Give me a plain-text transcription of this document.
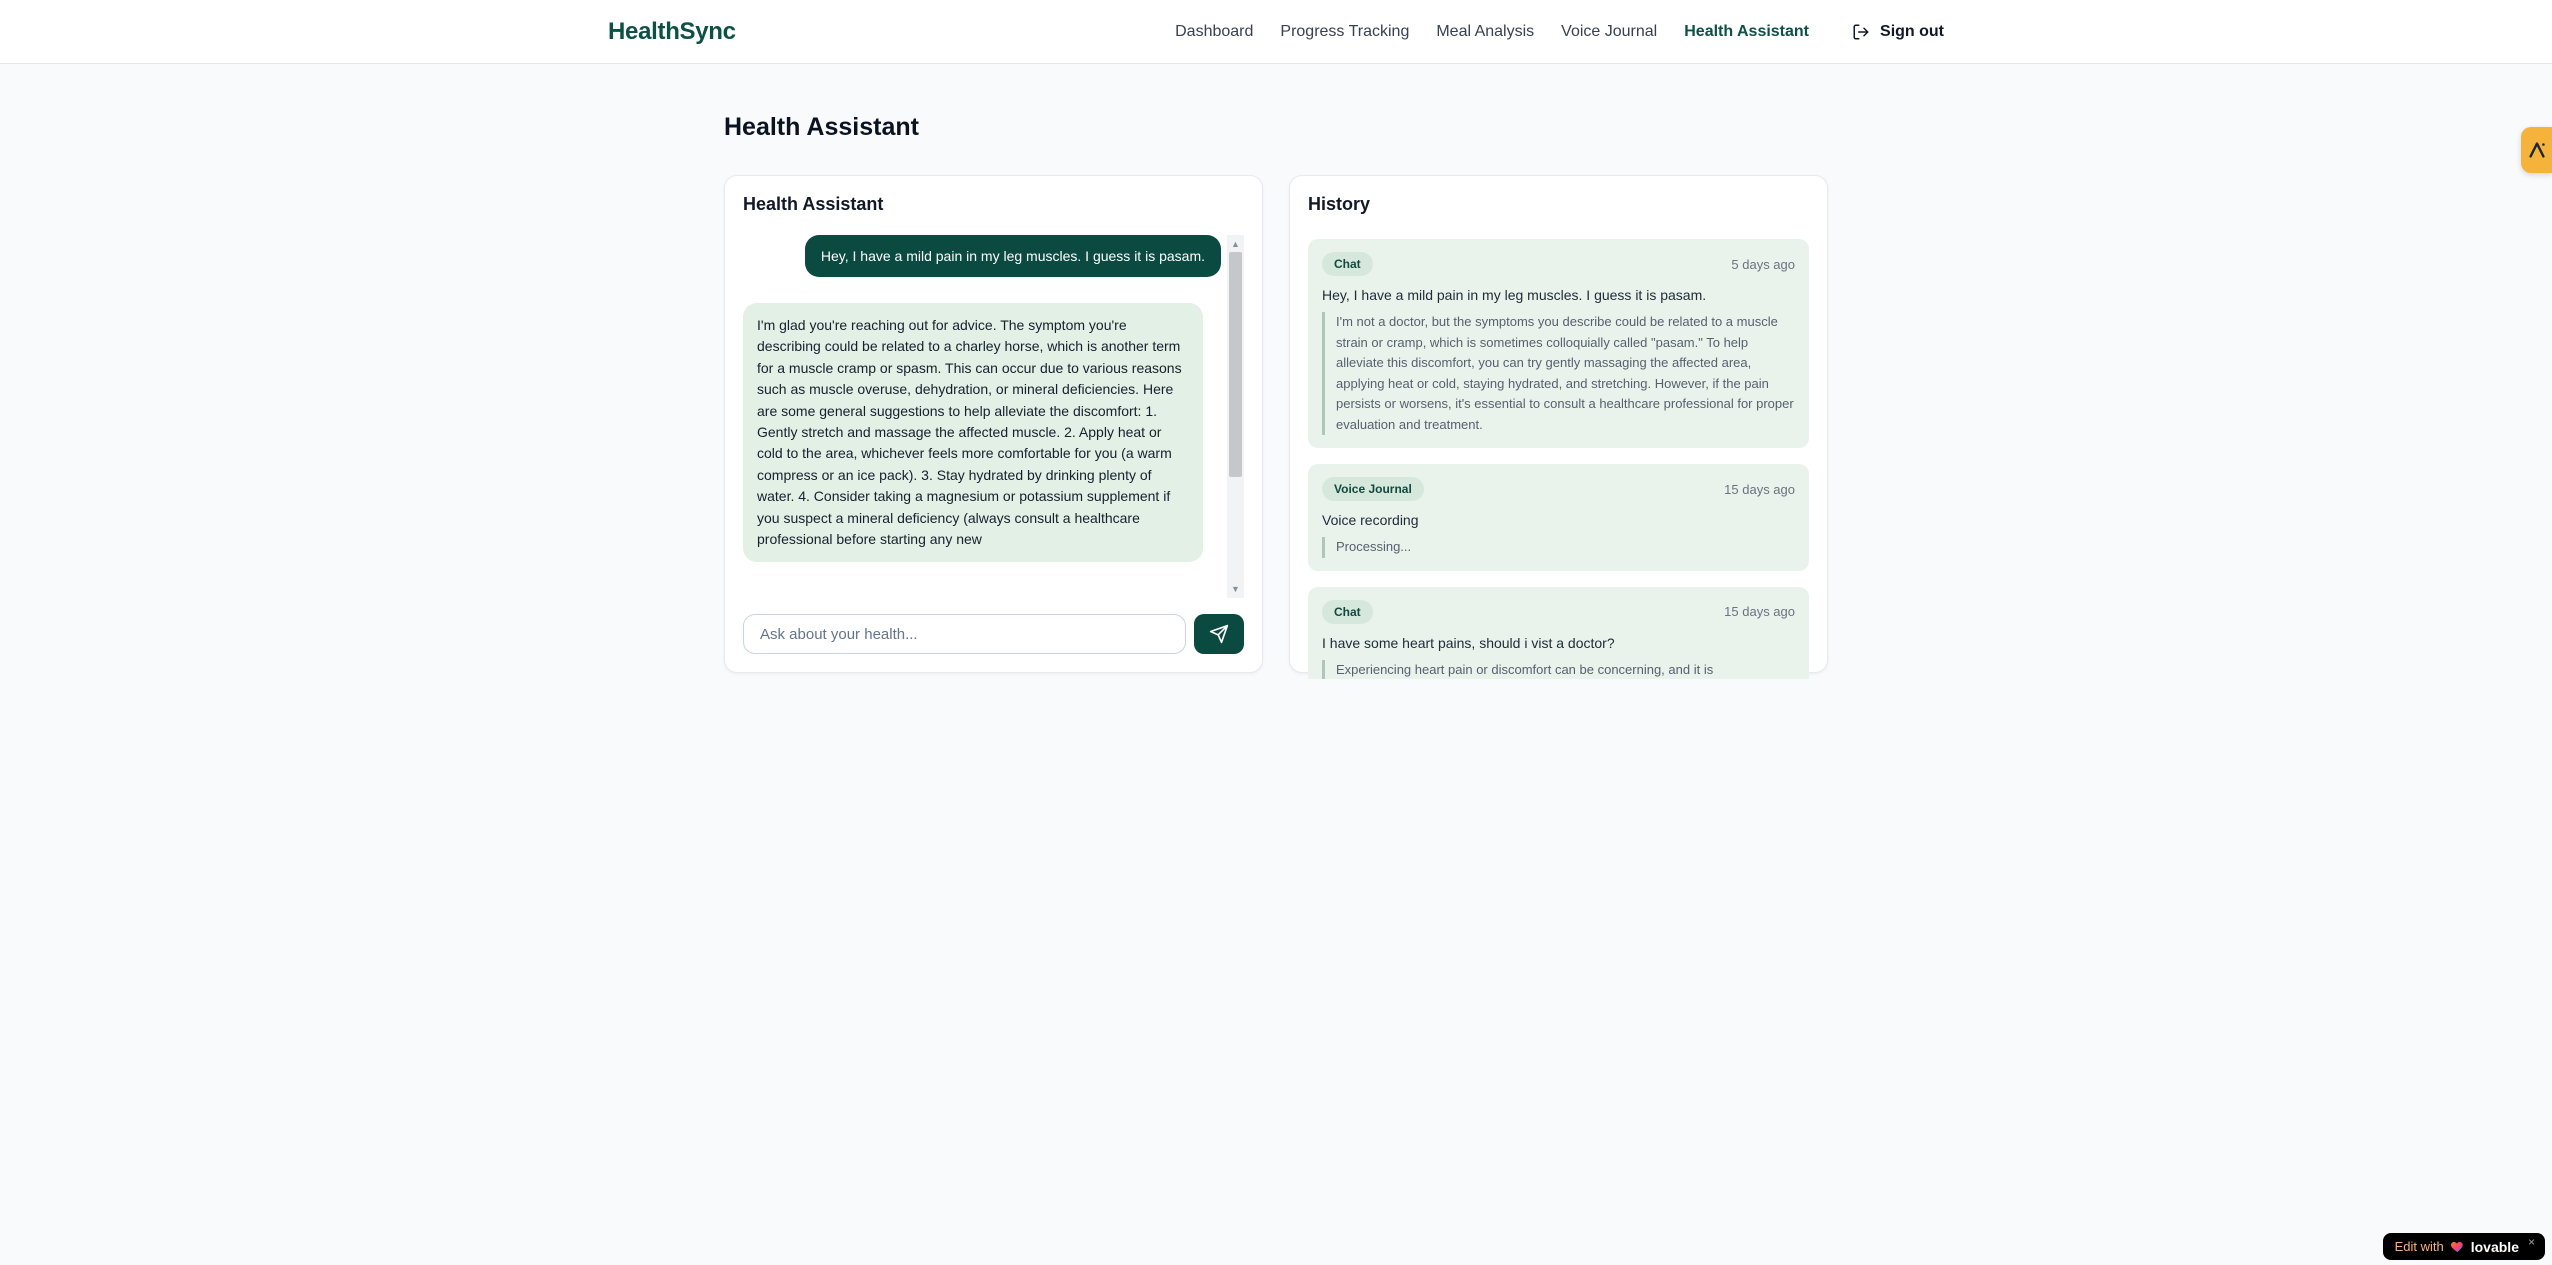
HealthSync	Dashboard Progress Tracking Meal Analysis Voice Journal Health Assistant	Sign out
Health Assistant
Health Assistant
Hey, I have a mild pain in my leg muscles. I guess it is pasam.
I'm glad you're reaching out for advice. The symptom you're describing could be related to a charley horse, which is another term for a muscle cramp or spasm. This can occur due to various reasons such as muscle overuse, dehydration, or mineral deficiencies. Here are some general suggestions to help alleviate the discomfort: 1. Gently stretch and massage the affected muscle. 2. Apply heat or cold to the area, whichever feels more comfortable for you (a warm compress or an ice pack). 3. Stay hydrated by drinking plenty of water. 4. Consider taking a magnesium or potassium supplement if you suspect a mineral deficiency (always consult a healthcare professional before starting any new
▲
▼
Ask about your health...
History
Chat	5 days ago
Hey, I have a mild pain in my leg muscles. I guess it is pasam.
I'm not a doctor, but the symptoms you describe could be related to a muscle strain or cramp, which is sometimes colloquially called "pasam." To help alleviate this discomfort, you can try gently massaging the affected area, applying heat or cold, staying hydrated, and stretching. However, if the pain persists or worsens, it's essential to consult a healthcare professional for proper evaluation and treatment.
Voice Journal	15 days ago
Voice recording
Processing...
Chat	15 days ago
I have some heart pains, should i vist a doctor?
Experiencing heart pain or discomfort can be concerning, and it is
Edit with lovable ×
